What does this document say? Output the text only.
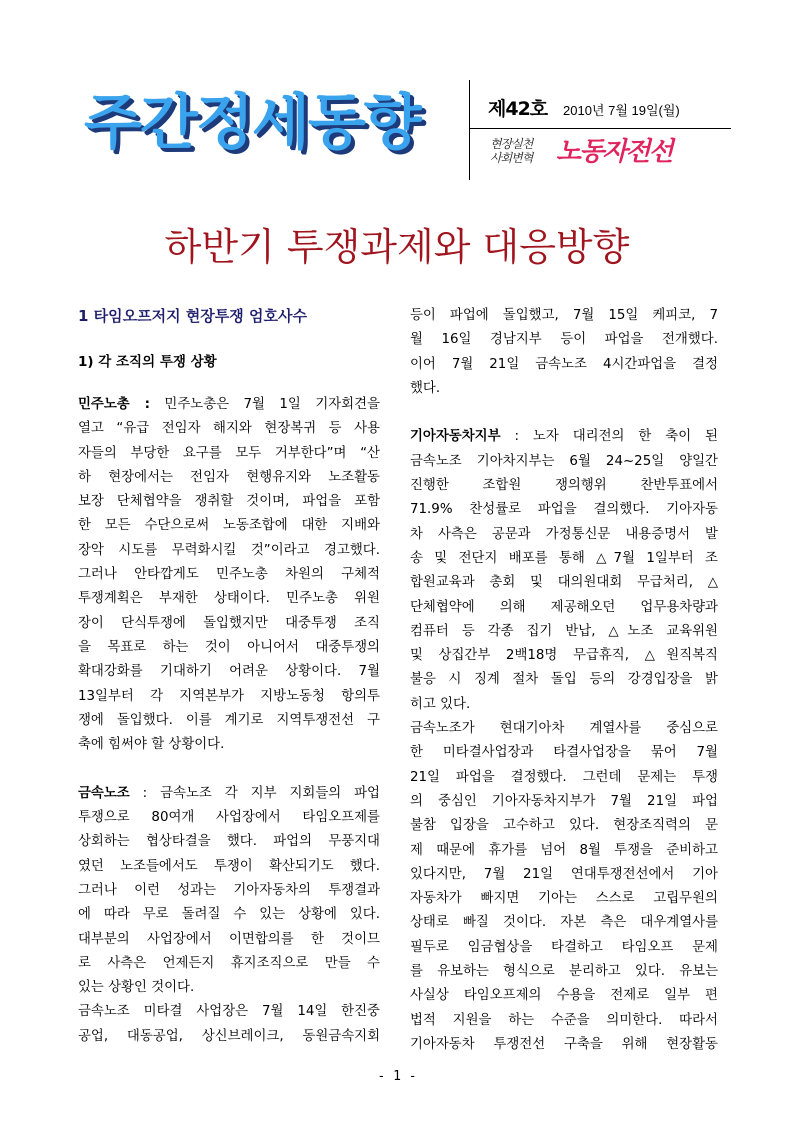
주간정세동향	제42호 2010년 7월 19일(월)
현장실천
사회변혁 노동자전선
하반기 투쟁과제와 대응방향
1 타임오프저지 현장투쟁 엄호사수
1) 각 조직의 투쟁 상황
민주노총 : 민주노총은 7월 1일 기자회견을
열고 “유급 전임자 해지와 현장복귀 등 사용
자들의 부당한 요구를 모두 거부한다”며 “산
하 현장에서는 전임자 현행유지와 노조활동
보장 단체협약을 쟁취할 것이며, 파업을 포함
한 모든 수단으로써 노동조합에 대한 지배와
장악 시도를 무력화시킬 것”이라고 경고했다.
그러나 안타깝게도 민주노총 차원의 구체적
투쟁계획은 부재한 상태이다. 민주노총 위원
장이 단식투쟁에 돌입했지만 대중투쟁 조직
을 목표로 하는 것이 아니어서 대중투쟁의
확대강화를 기대하기 어려운 상황이다. 7월
13일부터 각 지역본부가 지방노동청 항의투
쟁에 돌입했다. 이를 계기로 지역투쟁전선 구
축에 힘써야 할 상황이다.
금속노조 : 금속노조 각 지부 지회들의 파업
투쟁으로 80여개 사업장에서 타임오프제를
상회하는 협상타결을 했다. 파업의 무풍지대
였던 노조들에서도 투쟁이 확산되기도 했다.
그러나 이런 성과는 기아자동차의 투쟁결과
에 따라 무로 돌려질 수 있는 상황에 있다.
대부분의 사업장에서 이면합의를 한 것이므
로 사측은 언제든지 휴지조직으로 만들 수
있는 상황인 것이다.
금속노조 미타결 사업장은 7월 14일 한진중
공업, 대동공업, 상신브레이크, 동원금속지회
등이 파업에 돌입했고, 7월 15일 케피코, 7
월 16일 경남지부 등이 파업을 전개했다.
이어 7월 21일 금속노조 4시간파업을 결정
했다.
기아자동차지부 : 노자 대리전의 한 축이 된
금속노조 기아차지부는 6월 24~25일 양일간
진행한 조합원 쟁의행위 찬반투표에서
71.9% 찬성률로 파업을 결의했다. 기아자동
차 사측은 공문과 가정통신문 내용증명서 발
송 및 전단지 배포를 통해 △7월 1일부터 조
합원교육과 총회 및 대의원대회 무급처리, △
단체협약에 의해 제공해오던 업무용차량과
컴퓨터 등 각종 집기 반납, △노조 교육위원
및 상집간부 2백18명 무급휴직, △원직복직
불응 시 징계 절차 돌입 등의 강경입장을 밝
히고 있다.
금속노조가 현대기아차 계열사를 중심으로
한 미타결사업장과 타결사업장을 묶어 7월
21일 파업을 결정했다. 그런데 문제는 투쟁
의 중심인 기아자동차지부가 7월 21일 파업
불참 입장을 고수하고 있다. 현장조직력의 문
제 때문에 휴가를 넘어 8월 투쟁을 준비하고
있다지만, 7월 21일 연대투쟁전선에서 기아
자동차가 빠지면 기아는 스스로 고립무원의
상태로 빠질 것이다. 자본 측은 대우계열사를
필두로 임금협상을 타결하고 타임오프 문제
를 유보하는 형식으로 분리하고 있다. 유보는
사실상 타임오프제의 수용을 전제로 일부 편
법적 지원을 하는 수준을 의미한다. 따라서
기아자동차 투쟁전선 구축을 위해 현장활동
- 1 -
